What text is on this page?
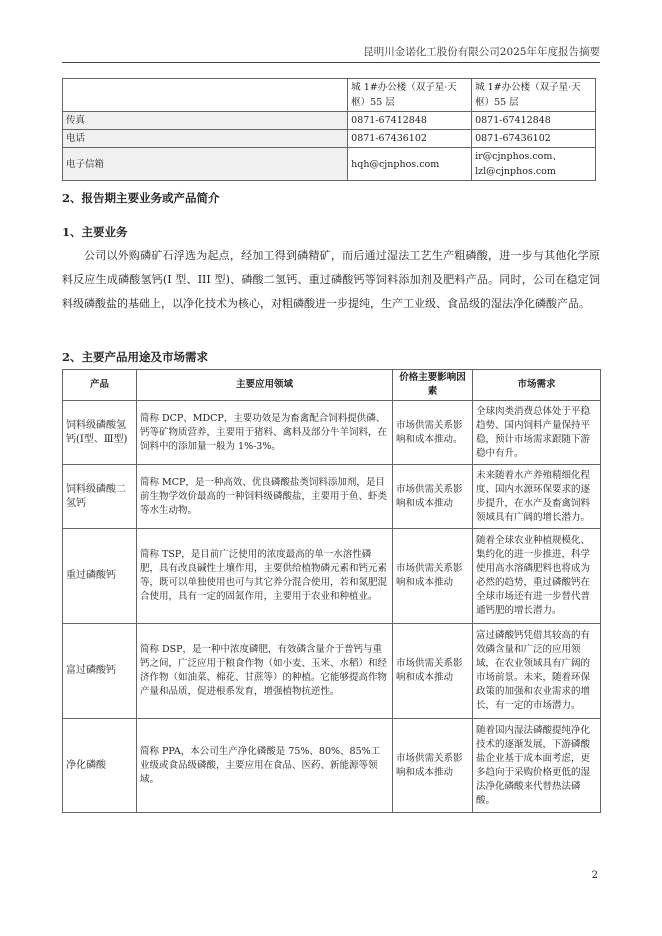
昆明川金诺化工股份有限公司2025年年度报告摘要
	城 1#办公楼（双子星·天枢）55 层	城 1#办公楼（双子星·天枢）55 层
传真	0871-67412848	0871-67412848
电话	0871-67436102	0871-67436102
电子信箱	hqh@cjnphos.com	ir@cjnphos.com、lzl@cjnphos.com
2、报告期主要业务或产品简介
1、主要业务

公司以外购磷矿石浮选为起点，经加工得到磷精矿，而后通过湿法工艺生产粗磷酸，进一步与其他化学原料反应生成磷酸氢钙(I 型、III 型)、磷酸二氢钙、重过磷酸钙等饲料添加剂及肥料产品。同时，公司在稳定饲料级磷酸盐的基础上，以净化技术为核心，对粗磷酸进一步提纯，生产工业级、食品级的湿法净化磷酸产品。

2、主要产品用途及市场需求
产品	主要应用领域	价格主要影响因素	市场需求
饲料级磷酸氢钙(Ⅰ型、Ⅲ型)	简称 DCP、MDCP，主要功效是为畜禽配合饲料提供磷、钙等矿物质营养，主要用于猪料、禽料及部分牛羊饲料，在饲料中的添加量一般为 1%-3%。	市场供需关系影响和成本推动。	全球肉类消费总体处于平稳趋势、国内饲料产量保持平稳，预计市场需求跟随下游稳中有升。
饲料级磷酸二氢钙	简称 MCP，是一种高效、优良磷酸盐类饲料添加剂，是目前生物学效价最高的一种饲料级磷酸盐，主要用于鱼、虾类等水生动物。	市场供需关系影响和成本推动	未来随着水产养殖精细化程度、国内水源环保要求的逐步提升，在水产及畜禽饲料领域具有广阔的增长潜力。
重过磷酸钙	简称 TSP，是目前广泛使用的浓度最高的单一水溶性磷肥，具有改良碱性土壤作用，主要供给植物磷元素和钙元素等，既可以单独使用也可与其它养分混合使用，若和氮肥混合使用，具有一定的固氮作用，主要用于农业和种植业。	市场供需关系影响和成本推动	随着全球农业种植规模化、集约化的进一步推进，科学使用高水溶磷肥料也将成为必然的趋势，重过磷酸钙在全球市场还有进一步替代普通钙肥的增长潜力。
富过磷酸钙	简称 DSP，是一种中浓度磷肥，有效磷含量介于普钙与重钙之间，广泛应用于粮食作物（如小麦、玉米、水稻）和经济作物（如油菜、棉花、甘蔗等）的种植。它能够提高作物产量和品质，促进根系发育，增强植物抗逆性。	市场供需关系影响和成本推动	富过磷酸钙凭借其较高的有效磷含量和广泛的应用领域，在农业领域具有广阔的市场前景。未来，随着环保政策的加强和农业需求的增长，有一定的市场潜力。
净化磷酸	简称 PPA，本公司生产净化磷酸是 75%、80%、85%工业级或食品级磷酸，主要应用在食品、医药、新能源等领域。	市场供需关系影响和成本推动	随着国内湿法磷酸提纯净化技术的逐渐发展，下游磷酸盐企业基于成本面考虑，更多趋向于采购价格更低的湿法净化磷酸来代替热法磷酸。
2
